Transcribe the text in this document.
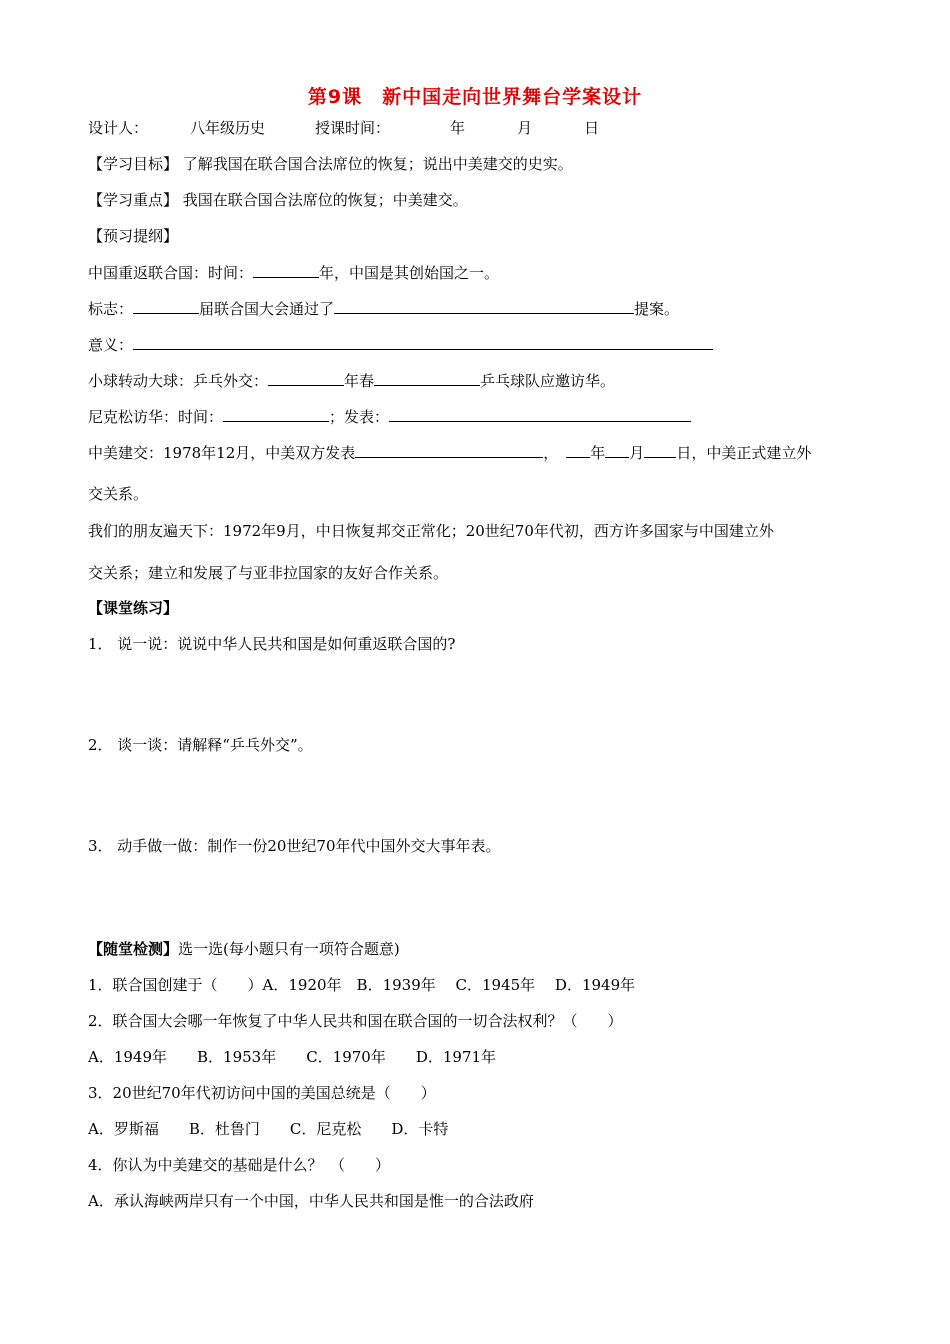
第9课　新中国走向世界舞台学案设计
设计人：	八年级历史	授课时间：	年	月	日
【学习目标】 了解我国在联合国合法席位的恢复；说出中美建交的史实。
【学习重点】 我国在联合国合法席位的恢复；中美建交。
【预习提纲】
中国重返联合国：时间：	年，中国是其创始国之一。
标志：	届联合国大会通过了	提案。
意义：
小球转动大球：乒乓外交：	年春	乒乓球队应邀访华。
尼克松访华：时间：	；发表：
中美建交：1978年12月，中美双方发表	， 年 月 日，中美正式建立外
交关系。
我们的朋友遍天下：1972年9月，中日恢复邦交正常化；20世纪70年代初，西方许多国家与中国建立外
交关系；建立和发展了与亚非拉国家的友好合作关系。
【课堂练习】
1． 说一说：说说中华人民共和国是如何重返联合国的?
2． 谈一谈：请解释“乒乓外交”。
3． 动手做一做：制作一份20世纪70年代中国外交大事年表。
【随堂检测】选一选(每小题只有一项符合题意)
1．联合国创建于（　　）A．1920年　B．1939年　 C．1945年　 D．1949年
2．联合国大会哪一年恢复了中华人民共和国在联合国的一切合法权利？（　　）
A．1949年　　B．1953年　　C．1970年　　D．1971年
3．20世纪70年代初访问中国的美国总统是（　　）
A．罗斯福　　B．杜鲁门　　C．尼克松　　D．卡特
4．你认为中美建交的基础是什么？　（　　）
A．承认海峡两岸只有一个中国，中华人民共和国是惟一的合法政府
